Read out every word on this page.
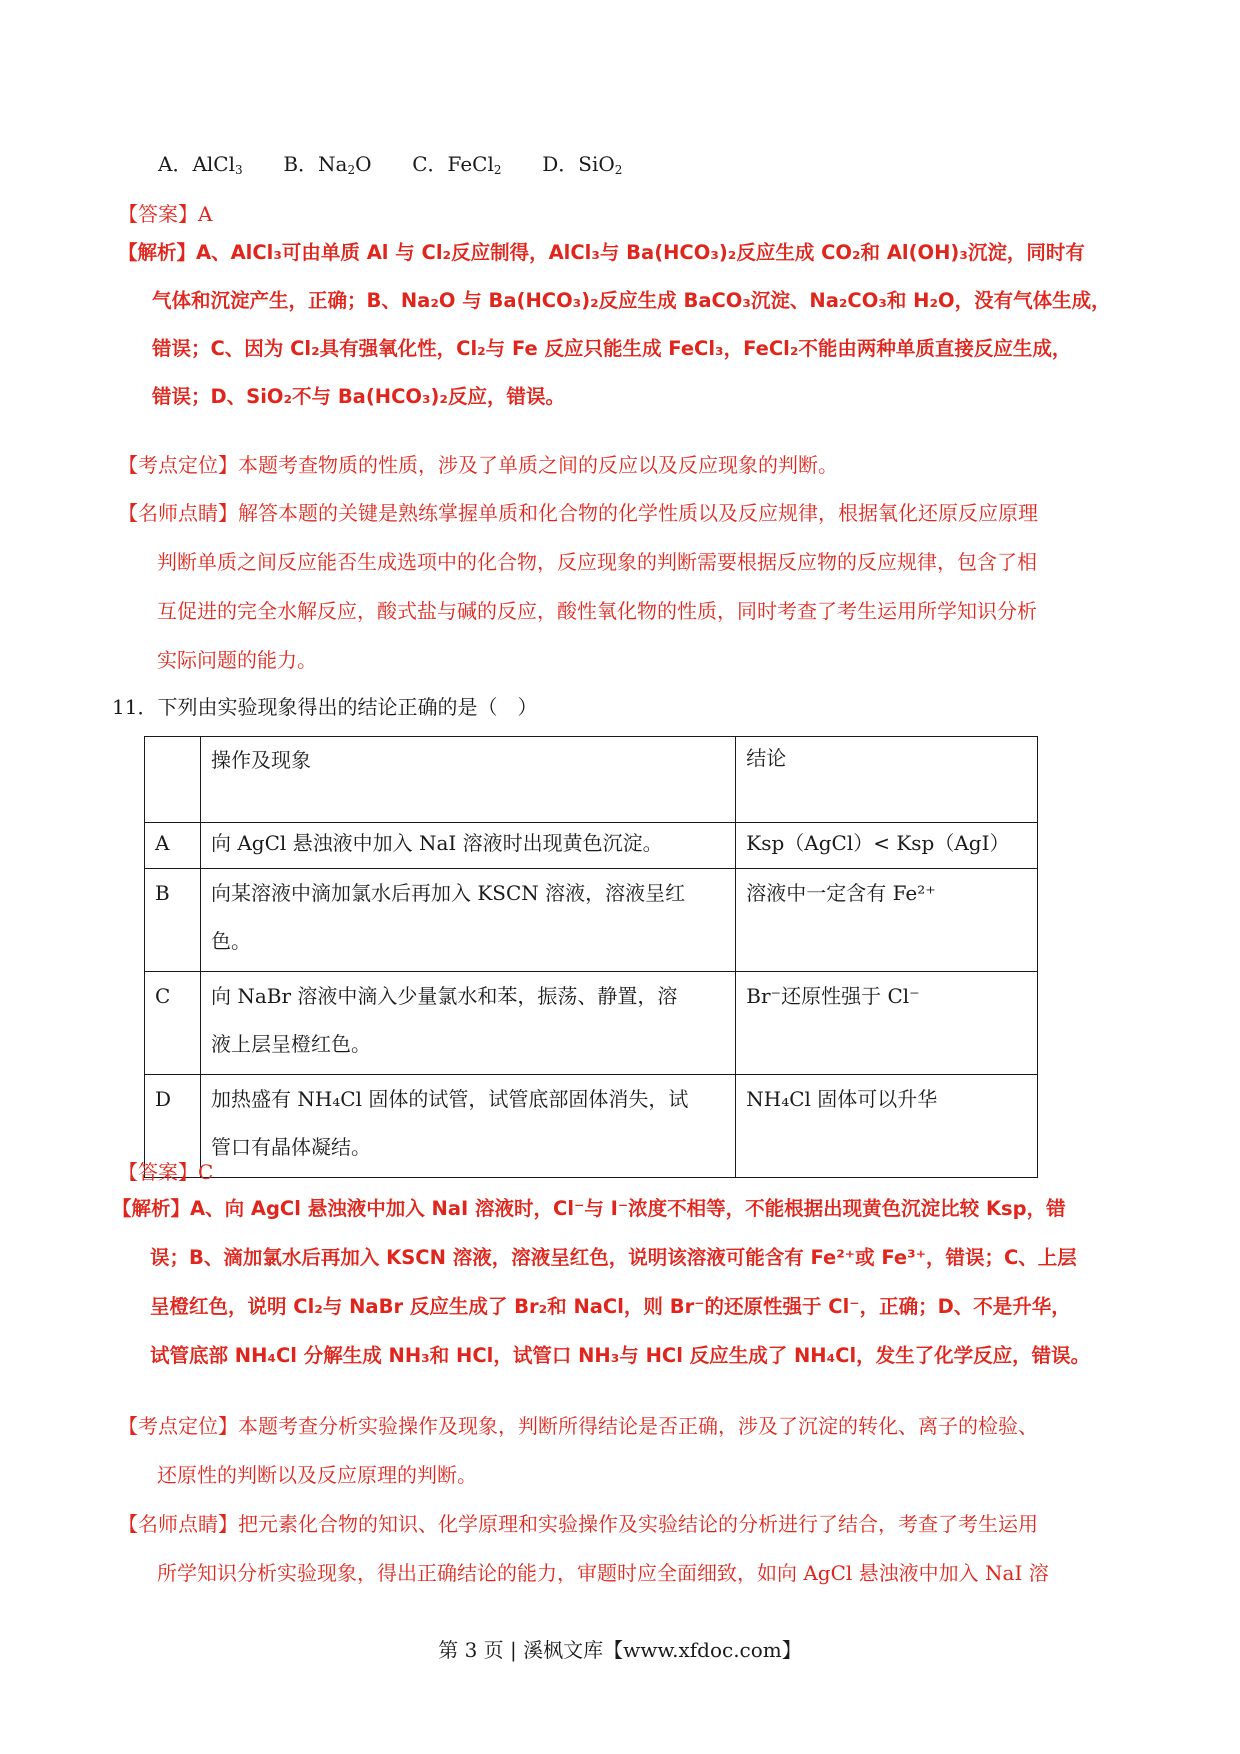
A．AlCl$_3$ B．$Na_2O$ C．FeCl$_2$ D．SiO$_2$
【答案】A
【解析】A、AlCl₃可由单质 Al 与 Cl₂反应制得，AlCl₃与 Ba(HCO₃)₂反应生成 CO₂和 Al(OH)₃沉淀，同时有
气体和沉淀产生，正确；B、Na₂O 与 Ba(HCO₃)₂反应生成 BaCO₃沉淀、Na₂CO₃和 H₂O，没有气体生成，
错误；C、因为 Cl₂具有强氧化性，Cl₂与 Fe 反应只能生成 FeCl₃，FeCl₂不能由两种单质直接反应生成，
错误；D、SiO₂不与 Ba(HCO₃)₂反应，错误。
【考点定位】本题考查物质的性质，涉及了单质之间的反应以及反应现象的判断。
【名师点睛】解答本题的关键是熟练掌握单质和化合物的化学性质以及反应规律，根据氧化还原反应原理
判断单质之间反应能否生成选项中的化合物，反应现象的判断需要根据反应物的反应规律，包含了相
互促进的完全水解反应，酸式盐与碱的反应，酸性氧化物的性质，同时考查了考生运用所学知识分析
实际问题的能力。
11．下列由实验现象得出的结论正确的是（　）

	操作及现象	结论

A	向 AgCl 悬浊液中加入 NaI 溶液时出现黄色沉淀。	Ksp（AgCl）< Ksp（AgI）

B	向某溶液中滴加氯水后再加入 KSCN 溶液，溶液呈红
色。	溶液中一定含有 Fe²⁺

C	向 NaBr 溶液中滴入少量氯水和苯，振荡、静置，溶
液上层呈橙红色。	Br⁻还原性强于 Cl⁻

D	加热盛有 NH₄Cl 固体的试管，试管底部固体消失，试
管口有晶体凝结。	NH₄Cl 固体可以升华
【答案】C
【解析】A、向 AgCl 悬浊液中加入 NaI 溶液时，Cl⁻与 I⁻浓度不相等，不能根据出现黄色沉淀比较 Ksp，错
误；B、滴加氯水后再加入 KSCN 溶液，溶液呈红色，说明该溶液可能含有 Fe²⁺或 Fe³⁺，错误；C、上层
呈橙红色，说明 Cl₂与 NaBr 反应生成了 Br₂和 NaCl，则 Br⁻的还原性强于 Cl⁻，正确；D、不是升华，
试管底部 NH₄Cl 分解生成 NH₃和 HCl，试管口 NH₃与 HCl 反应生成了 NH₄Cl，发生了化学反应，错误。
【考点定位】本题考查分析实验操作及现象，判断所得结论是否正确，涉及了沉淀的转化、离子的检验、
还原性的判断以及反应原理的判断。
【名师点睛】把元素化合物的知识、化学原理和实验操作及实验结论的分析进行了结合，考查了考生运用
所学知识分析实验现象，得出正确结论的能力，审题时应全面细致，如向 AgCl 悬浊液中加入 NaI 溶
第 3 页 | 溪枫文库【www.xfdoc.com】
